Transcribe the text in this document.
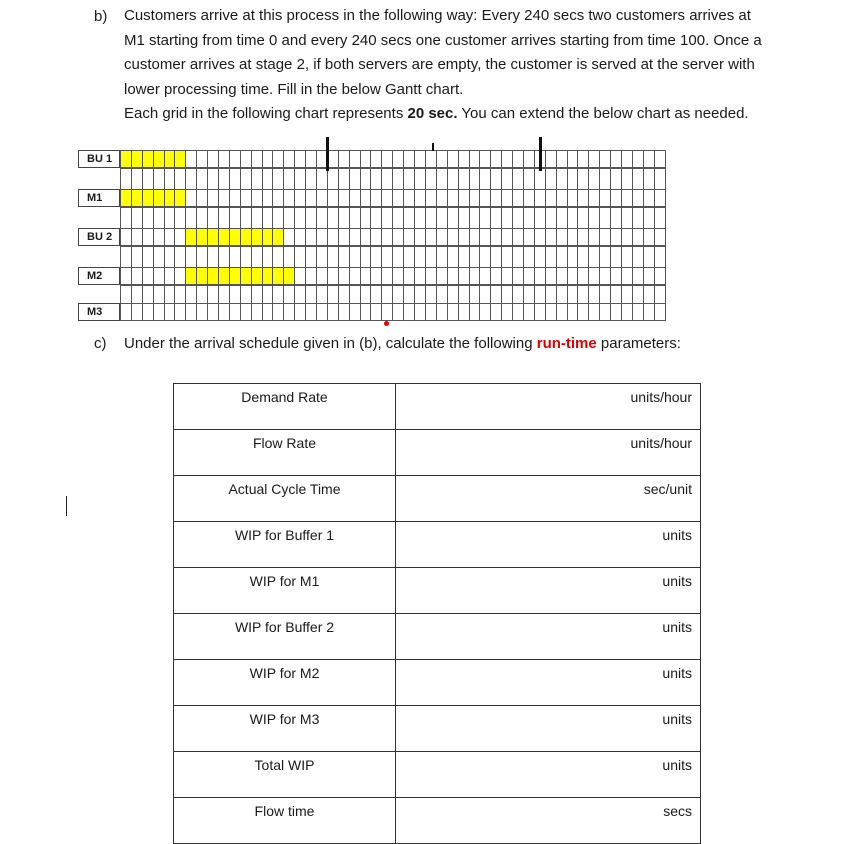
b) Customers arrive at this process in the following way: Every 240 secs two customers arrives at
M1 starting from time 0 and every 240 secs one customer arrives starting from time 100. Once a
customer arrives at stage 2, if both servers are empty, the customer is served at the server with
lower processing time. Fill in the below Gantt chart.
Each grid in the following chart represents 20 sec. You can extend the below chart as needed.
BU 1
M1
BU 2
M2
M3
c) Under the arrival schedule given in (b), calculate the following run-time parameters:
Demand Rate	units/hour
Flow Rate	units/hour
Actual Cycle Time	sec/unit
WIP for Buffer 1	units
WIP for M1	units
WIP for Buffer 2	units
WIP for M2	units
WIP for M3	units
Total WIP	units
Flow time	secs
